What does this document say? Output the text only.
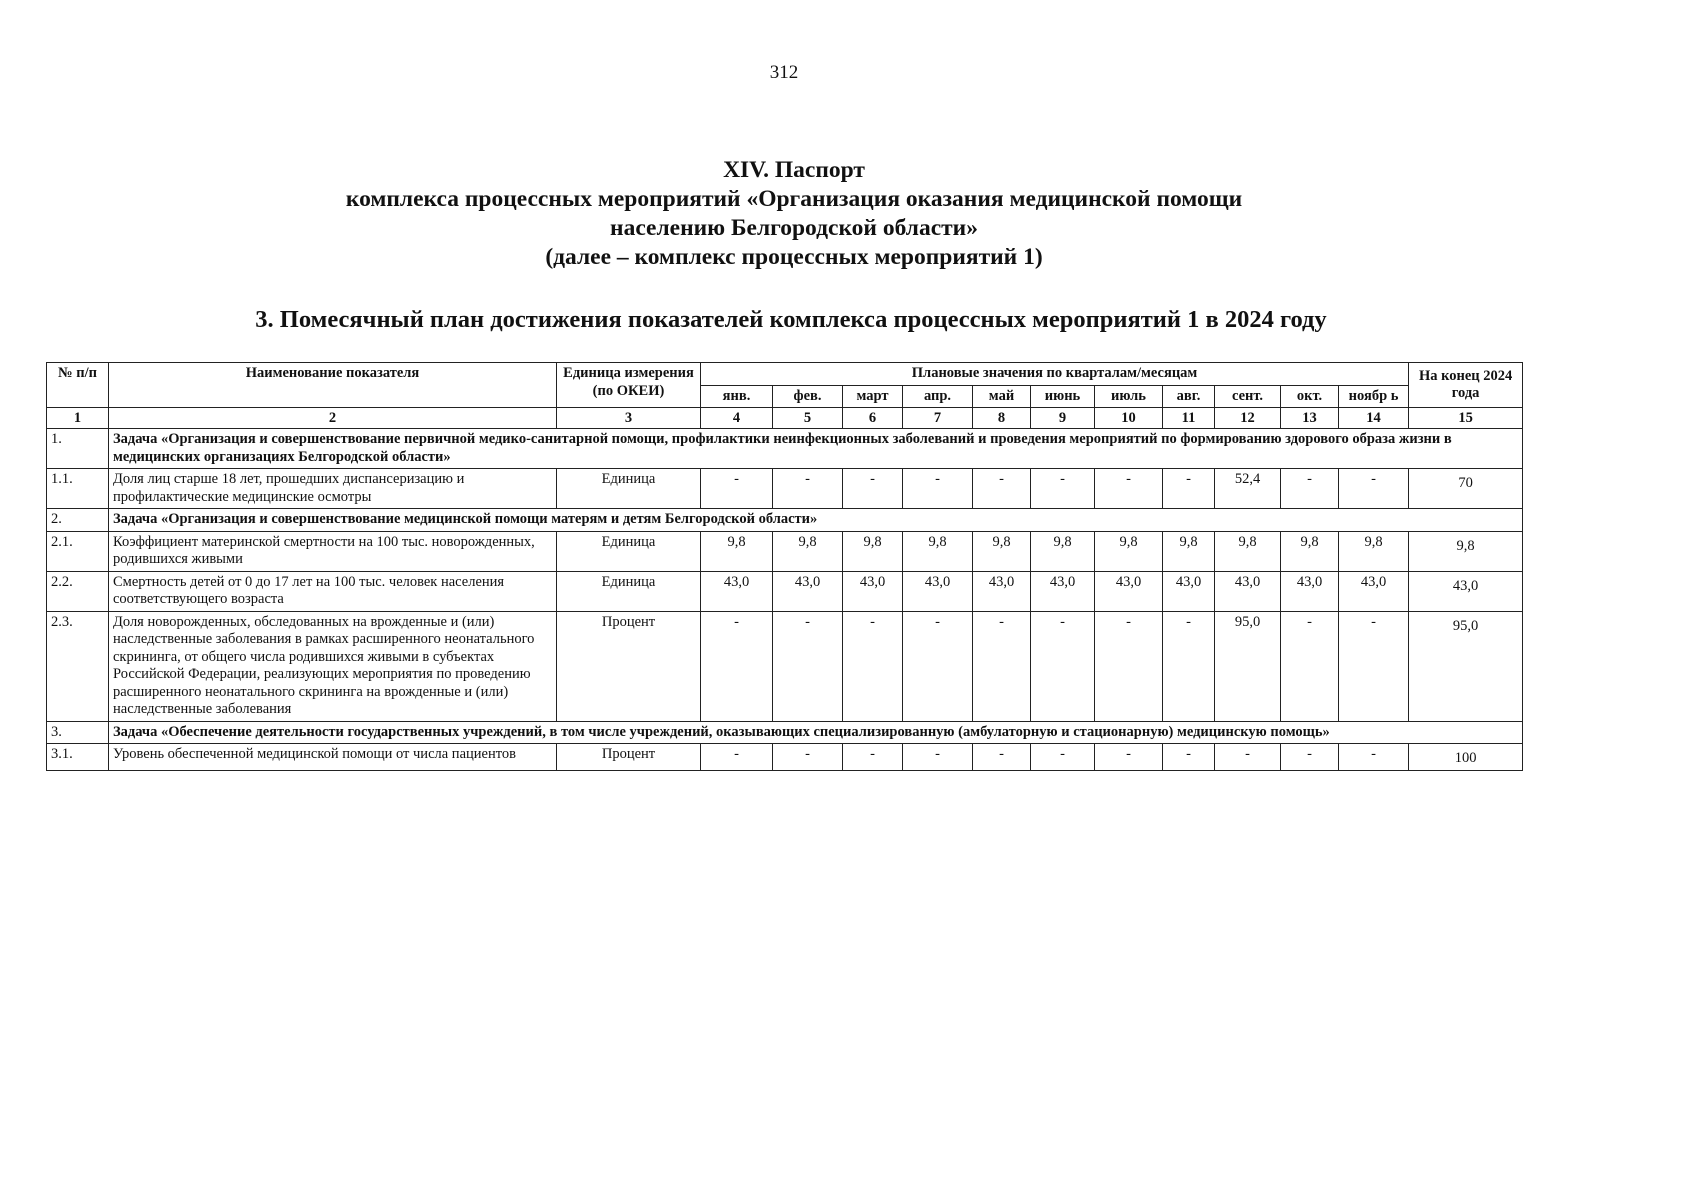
312
XIV. Паспорт
комплекса процессных мероприятий «Организация оказания медицинской помощи
населению Белгородской области»
(далее – комплекс процессных мероприятий 1)
3. Помесячный план достижения показателей комплекса процессных мероприятий 1 в 2024 году
№ п/п	Наименование показателя	Единица измерения (по ОКЕИ)	Плановые значения по кварталам/месяцам											На конец 2024 года
			янв.	фев.	март	апр.	май	июнь	июль	авг.	сент.	окт.	ноябр ь	
1	2	3	4	5	6	7	8	9	10	11	12	13	14	15
1.	Задача «Организация и совершенствование первичной медико-санитарной помощи, профилактики неинфекционных заболеваний и проведения мероприятий по формированию здорового образа жизни в медицинских организациях Белгородской области»													
1.1.	Доля лиц старше 18 лет, прошедших диспансеризацию и профилактические медицинские осмотры	Единица	-	-	-	-	-	-	-	-	52,4	-	-	70
2.	Задача «Организация и совершенствование медицинской помощи матерям и детям Белгородской области»													
2.1.	Коэффициент материнской смертности на 100 тыс. новорожденных, родившихся живыми	Единица	9,8	9,8	9,8	9,8	9,8	9,8	9,8	9,8	9,8	9,8	9,8	9,8
2.2.	Смертность детей от 0 до 17 лет на 100 тыс. человек населения соответствующего возраста	Единица	43,0	43,0	43,0	43,0	43,0	43,0	43,0	43,0	43,0	43,0	43,0	43,0
2.3.	Доля новорожденных, обследованных на врожденные и (или) наследственные заболевания в рамках расширенного неонатального скрининга, от общего числа родившихся живыми в субъектах Российской Федерации, реализующих мероприятия по проведению расширенного неонатального скрининга на врожденные и (или) наследственные заболевания	Процент	-	-	-	-	-	-	-	-	95,0	-	-	95,0
3.	Задача «Обеспечение деятельности государственных учреждений, в том числе учреждений, оказывающих специализированную (амбулаторную и стационарную) медицинскую помощь»													
3.1.	Уровень обеспеченной медицинской помощи от числа пациентов	Процент	-	-	-	-	-	-	-	-	-	-	-	100
